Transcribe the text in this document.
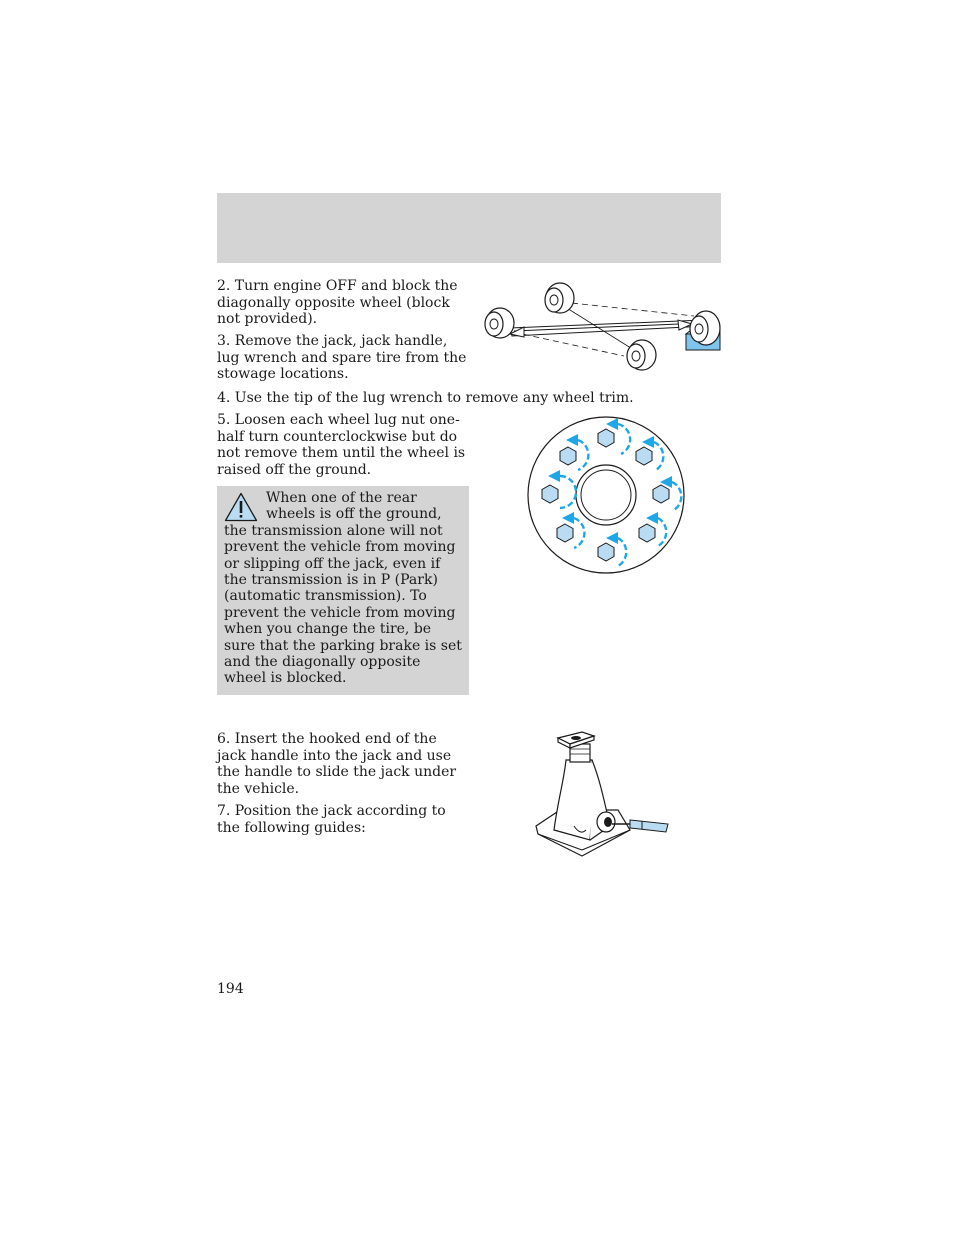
2. Turn engine OFF and block the diagonally opposite wheel (block not provided).

3. Remove the jack, jack handle, lug wrench and spare tire from the stowage locations.

4. Use the tip of the lug wrench to remove any wheel trim.

5. Loosen each wheel lug nut one-half turn counterclockwise but do not remove them until the wheel is raised off the ground.

When one of the rear wheels is off the ground, the transmission alone will not prevent the vehicle from moving or slipping off the jack, even if the transmission is in P (Park) (automatic transmission). To prevent the vehicle from moving when you change the tire, be sure that the parking brake is set and the diagonally opposite wheel is blocked.

6. Insert the hooked end of the jack handle into the jack and use the handle to slide the jack under the vehicle.

7. Position the jack according to the following guides:

194
